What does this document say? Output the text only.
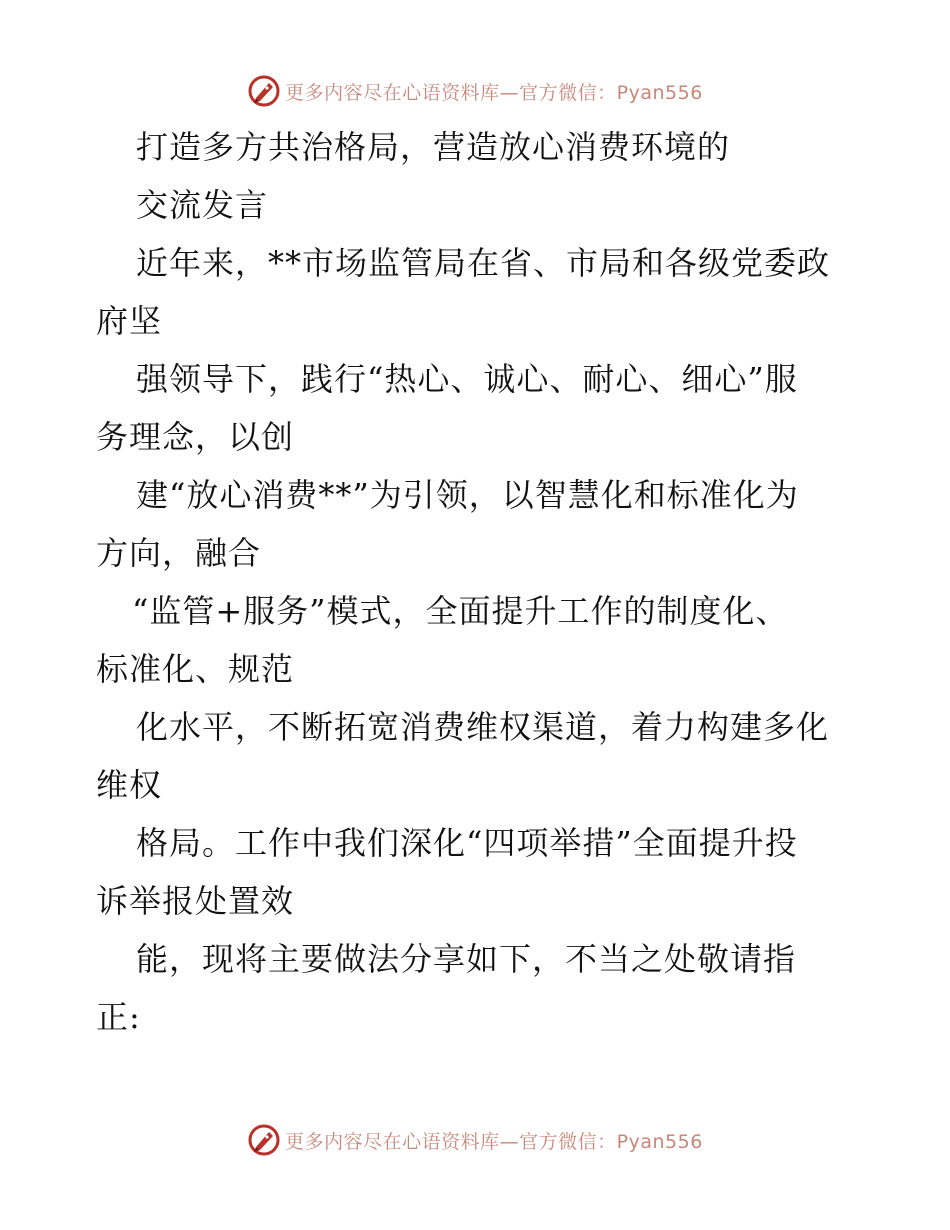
更多内容尽在心语资料库—官方微信：Pyan556
打造多方共治格局，营造放心消费环境的
交流发言
近年来，**市场监管局在省、市局和各级党委政
府坚
强领导下，践行“热心、诚心、耐心、细心”服
务理念，以创
建“放心消费**”为引领，以智慧化和标准化为
方向，融合
“监管+服务”模式，全面提升工作的制度化、
标准化、规范
化水平，不断拓宽消费维权渠道，着力构建多化
维权
格局。工作中我们深化“四项举措”全面提升投
诉举报处置效
能，现将主要做法分享如下，不当之处敬请指
正:
更多内容尽在心语资料库—官方微信：Pyan556
